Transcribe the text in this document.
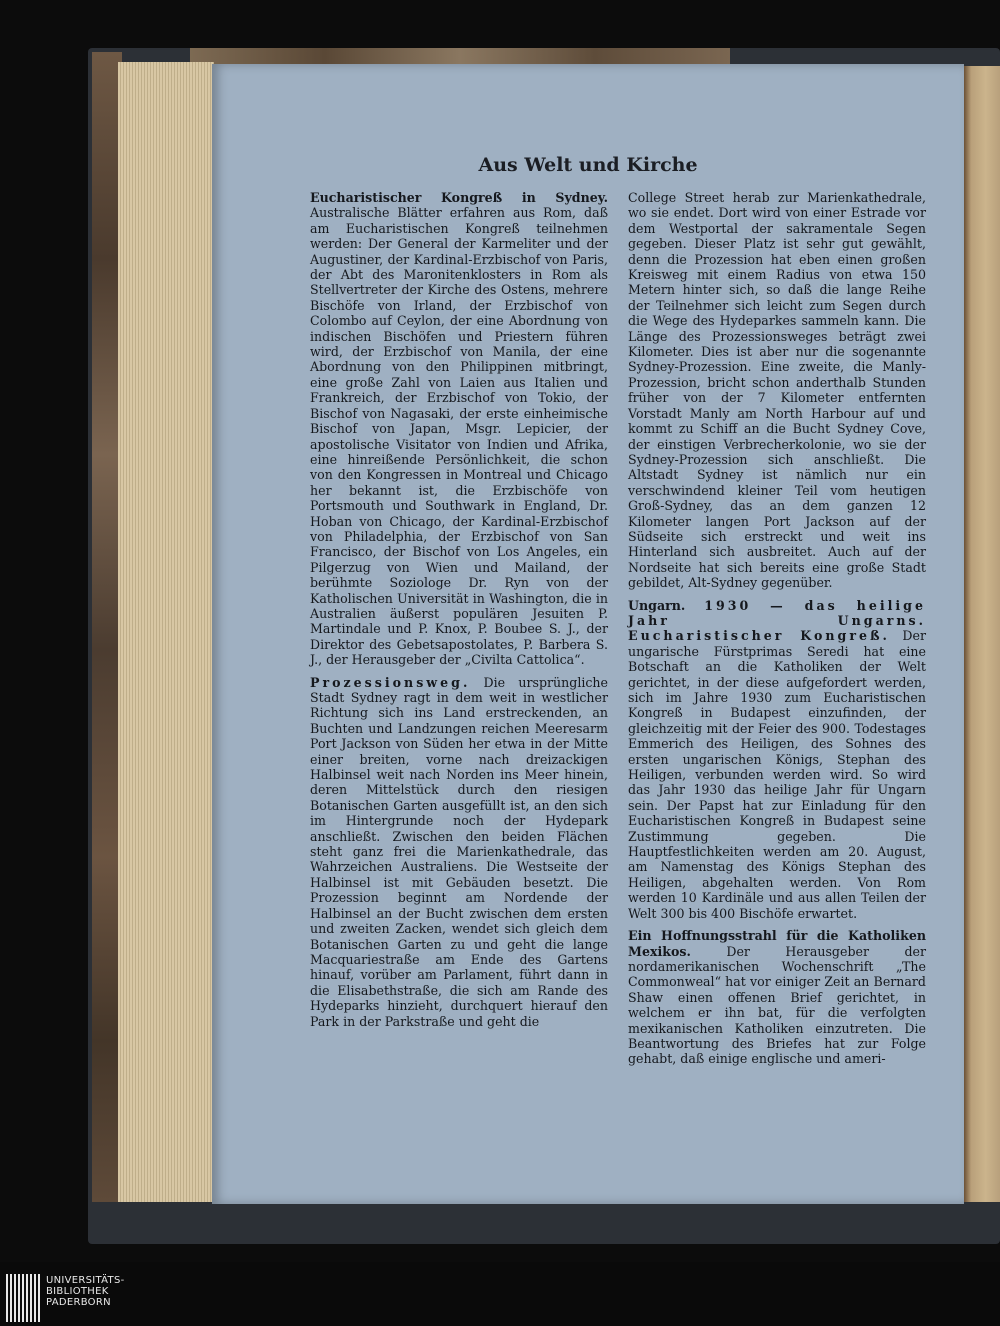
Aus Welt und Kirche

Eucharistischer Kongreß in Sydney. Australische Blätter erfahren aus Rom, daß am Eucharistischen Kongreß teilnehmen werden: Der General der Karmeliter und der Augustiner, der Kardinal-Erzbischof von Paris, der Abt des Maronitenklosters in Rom als Stellvertreter der Kirche des Ostens, mehrere Bischöfe von Irland, der Erzbischof von Colombo auf Ceylon, der eine Abordnung von indischen Bischöfen und Priestern führen wird, der Erzbischof von Manila, der eine Abordnung von den Philippinen mitbringt, eine große Zahl von Laien aus Italien und Frankreich, der Erzbischof von Tokio, der Bischof von Nagasaki, der erste einheimische Bischof von Japan, Msgr. Lepicier, der apostolische Visitator von Indien und Afrika, eine hinreißende Persönlichkeit, die schon von den Kongressen in Montreal und Chicago her bekannt ist, die Erzbischöfe von Portsmouth und Southwark in England, Dr. Hoban von Chicago, der Kardinal-Erzbischof von Philadelphia, der Erzbischof von San Francisco, der Bischof von Los Angeles, ein Pilgerzug von Wien und Mailand, der berühmte Soziologe Dr. Ryn von der Katholischen Universität in Washington, die in Australien äußerst populären Jesuiten P. Martindale und P. Knox, P. Boubee S. J., der Direktor des Gebetsapostolates, P. Barbera S. J., der Herausgeber der „Civilta Cattolica“.

Prozessionsweg. Die ursprüngliche Stadt Sydney ragt in dem weit in westlicher Richtung sich ins Land erstreckenden, an Buchten und Landzungen reichen Meeresarm Port Jackson von Süden her etwa in der Mitte einer breiten, vorne nach dreizackigen Halbinsel weit nach Norden ins Meer hinein, deren Mittelstück durch den riesigen Botanischen Garten ausgefüllt ist, an den sich im Hintergrunde noch der Hydepark anschließt. Zwischen den beiden Flächen steht ganz frei die Marienkathedrale, das Wahrzeichen Australiens. Die Westseite der Halbinsel ist mit Gebäuden besetzt. Die Prozession beginnt am Nordende der Halbinsel an der Bucht zwischen dem ersten und zweiten Zacken, wendet sich gleich dem Botanischen Garten zu und geht die lange Macquariestraße am Ende des Gartens hinauf, vorüber am Parlament, führt dann in die Elisabethstraße, die sich am Rande des Hydeparks hinzieht, durchquert hierauf den Park in der Parkstraße und geht die

College Street herab zur Marienkathedrale, wo sie endet. Dort wird von einer Estrade vor dem Westportal der sakramentale Segen gegeben. Dieser Platz ist sehr gut gewählt, denn die Prozession hat eben einen großen Kreisweg mit einem Radius von etwa 150 Metern hinter sich, so daß die lange Reihe der Teilnehmer sich leicht zum Segen durch die Wege des Hydeparkes sammeln kann. Die Länge des Prozessionsweges beträgt zwei Kilometer. Dies ist aber nur die sogenannte Sydney-Prozession. Eine zweite, die Manly-Prozession, bricht schon anderthalb Stunden früher von der 7 Kilometer entfernten Vorstadt Manly am North Harbour auf und kommt zu Schiff an die Bucht Sydney Cove, der einstigen Verbrecherkolonie, wo sie der Sydney-Prozession sich anschließt. Die Altstadt Sydney ist nämlich nur ein verschwindend kleiner Teil vom heutigen Groß-Sydney, das an dem ganzen 12 Kilometer langen Port Jackson auf der Südseite sich erstreckt und weit ins Hinterland sich ausbreitet. Auch auf der Nordseite hat sich bereits eine große Stadt gebildet, Alt-Sydney gegenüber.

Ungarn. 1930 — das heilige Jahr Ungarns. Eucharistischer Kongreß. Der ungarische Fürstprimas Seredi hat eine Botschaft an die Katholiken der Welt gerichtet, in der diese aufgefordert werden, sich im Jahre 1930 zum Eucharistischen Kongreß in Budapest einzufinden, der gleichzeitig mit der Feier des 900. Todestages Emmerich des Heiligen, des Sohnes des ersten ungarischen Königs, Stephan des Heiligen, verbunden werden wird. So wird das Jahr 1930 das heilige Jahr für Ungarn sein. Der Papst hat zur Einladung für den Eucharistischen Kongreß in Budapest seine Zustimmung gegeben. Die Hauptfestlichkeiten werden am 20. August, am Namenstag des Königs Stephan des Heiligen, abgehalten werden. Von Rom werden 10 Kardinäle und aus allen Teilen der Welt 300 bis 400 Bischöfe erwartet.

Ein Hoffnungsstrahl für die Katholiken Mexikos. Der Herausgeber der nordamerikanischen Wochenschrift „The Commonweal“ hat vor einiger Zeit an Bernard Shaw einen offenen Brief gerichtet, in welchem er ihn bat, für die verfolgten mexikanischen Katholiken einzutreten. Die Beantwortung des Briefes hat zur Folge gehabt, daß einige englische und ameri-

UNIVERSITÄTS-
BIBLIOTHEK
PADERBORN
